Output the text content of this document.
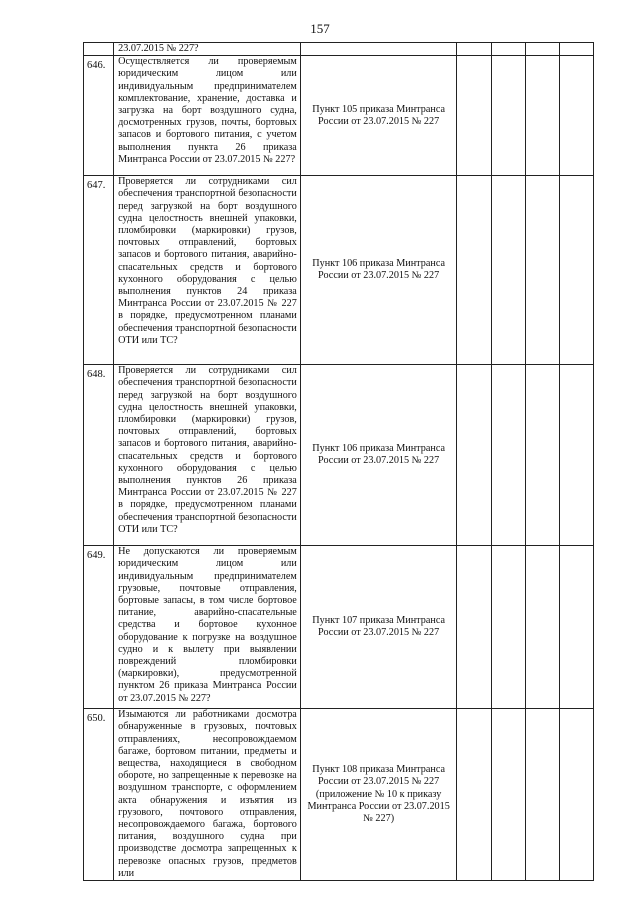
157
	23.07.2015 № 227?					
646.	Осуществляется ли проверяемым юридическим лицом или индивидуальным предпринимателем комплектование, хранение, доставка и загрузка на борт воздушного судна, досмотренных грузов, почты, бортовых запасов и бортового питания, с учетом выполнения пункта 26 приказа Минтранса России от 23.07.2015 № 227?	Пункт 105 приказа Минтранса России от 23.07.2015 № 227				
647.	Проверяется ли сотрудниками сил обеспечения транспортной безопасности перед загрузкой на борт воздушного судна целостность внешней упаковки, пломбировки (маркировки) грузов, почтовых отправлений, бортовых запасов и бортового питания, аварийно-спасательных средств и бортового кухонного оборудования с целью выполнения пунктов 24 приказа Минтранса России от 23.07.2015 № 227 в порядке, предусмотренном планами обеспечения транспортной безопасности ОТИ или ТС?	Пункт 106 приказа Минтранса России от 23.07.2015 № 227				
648.	Проверяется ли сотрудниками сил обеспечения транспортной безопасности перед загрузкой на борт воздушного судна целостность внешней упаковки, пломбировки (маркировки) грузов, почтовых отправлений, бортовых запасов и бортового питания, аварийно-спасательных средств и бортового кухонного оборудования с целью выполнения пунктов 26 приказа Минтранса России от 23.07.2015 № 227 в порядке, предусмотренном планами обеспечения транспортной безопасности ОТИ или ТС?	Пункт 106 приказа Минтранса России от 23.07.2015 № 227				
649.	Не допускаются ли проверяемым юридическим лицом или индивидуальным предпринимателем грузовые, почтовые отправления, бортовые запасы, в том числе бортовое питание, аварийно-спасательные средства и бортовое кухонное оборудование к погрузке на воздушное судно и к вылету при выявлении повреждений пломбировки (маркировки), предусмотренной пунктом 26 приказа Минтранса России от 23.07.2015 № 227?	Пункт 107 приказа Минтранса России от 23.07.2015 № 227				
650.	Изымаются ли работниками досмотра обнаруженные в грузовых, почтовых отправлениях, несопровождаемом багаже, бортовом питании, предметы и вещества, находящиеся в свободном обороте, но запрещенные к перевозке на воздушном транспорте, с оформлением акта обнаружения и изъятия из грузового, почтового отправления, несопровождаемого багажа, бортового питания, воздушного судна при производстве досмотра запрещенных к перевозке опасных грузов, предметов или	Пункт 108 приказа Минтранса России от 23.07.2015 № 227 (приложение № 10 к приказу Минтранса России от 23.07.2015 № 227)				
